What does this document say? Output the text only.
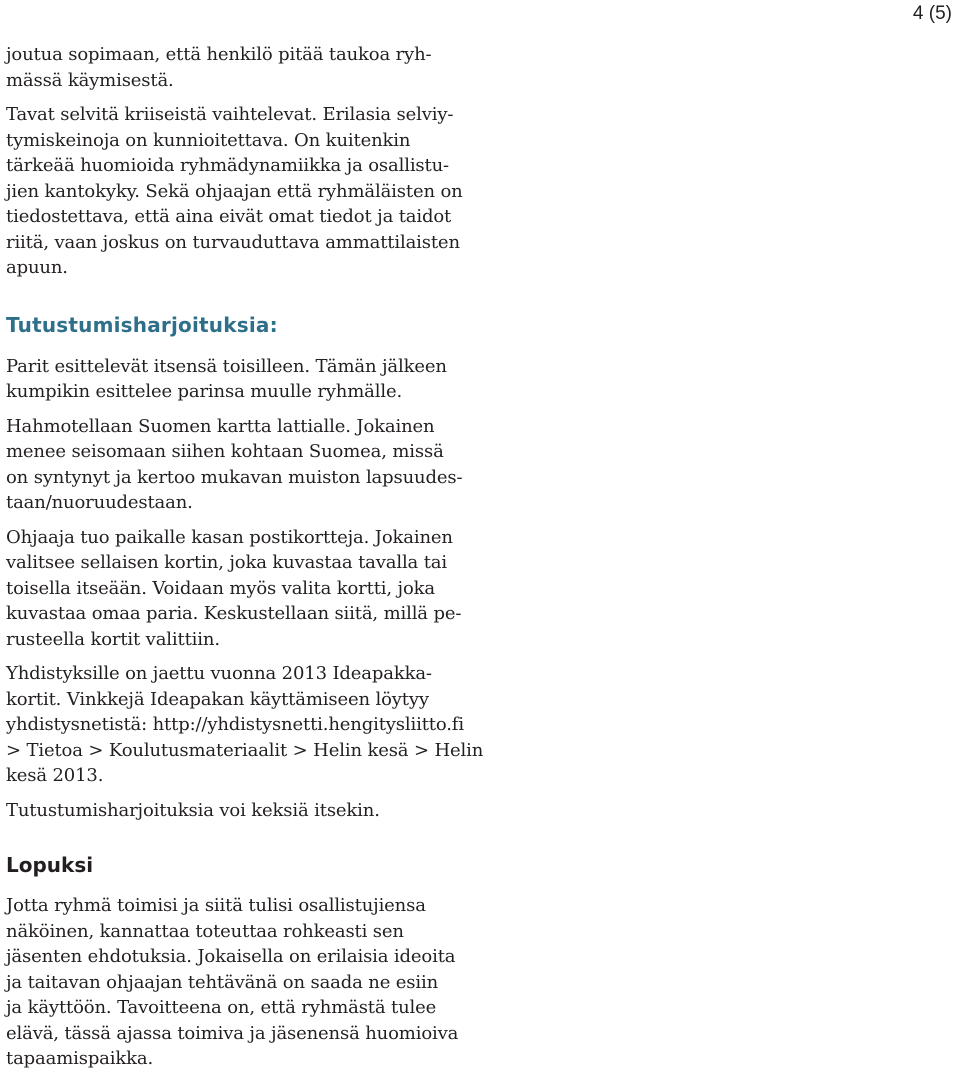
4 (5)

joutua sopimaan, että henkilö pitää taukoa ryh-
mässä käymisestä.

Tavat selvitä kriiseistä vaihtelevat. Erilasia selviy-
tymiskeinoja on kunnioitettava. On kuitenkin
tärkeää huomioida ryhmädynamiikka ja osallistu-
jien kantokyky. Sekä ohjaajan että ryhmäläisten on
tiedostettava, että aina eivät omat tiedot ja taidot
riitä, vaan joskus on turvauduttava ammattilaisten
apuun.

Tutustumisharjoituksia:

Parit esittelevät itsensä toisilleen. Tämän jälkeen
kumpikin esittelee parinsa muulle ryhmälle.

Hahmotellaan Suomen kartta lattialle. Jokainen
menee seisomaan siihen kohtaan Suomea, missä
on syntynyt ja kertoo mukavan muiston lapsuudes-
taan/nuoruudestaan.

Ohjaaja tuo paikalle kasan postikortteja. Jokainen
valitsee sellaisen kortin, joka kuvastaa tavalla tai
toisella itseään. Voidaan myös valita kortti, joka
kuvastaa omaa paria. Keskustellaan siitä, millä pe-
rusteella kortit valittiin.

Yhdistyksille on jaettu vuonna 2013 Ideapakka-
kortit. Vinkkejä Ideapakan käyttämiseen löytyy
yhdistysnetistä: http://yhdistysnetti.hengitysliitto.fi
> Tietoa > Koulutusmateriaalit > Helin kesä > Helin
kesä 2013.

Tutustumisharjoituksia voi keksiä itsekin.

Lopuksi

Jotta ryhmä toimisi ja siitä tulisi osallistujiensa
näköinen, kannattaa toteuttaa rohkeasti sen
jäsenten ehdotuksia. Jokaisella on erilaisia ideoita
ja taitavan ohjaajan tehtävänä on saada ne esiin
ja käyttöön. Tavoitteena on, että ryhmästä tulee
elävä, tässä ajassa toimiva ja jäsenensä huomioiva
tapaamispaikka.
